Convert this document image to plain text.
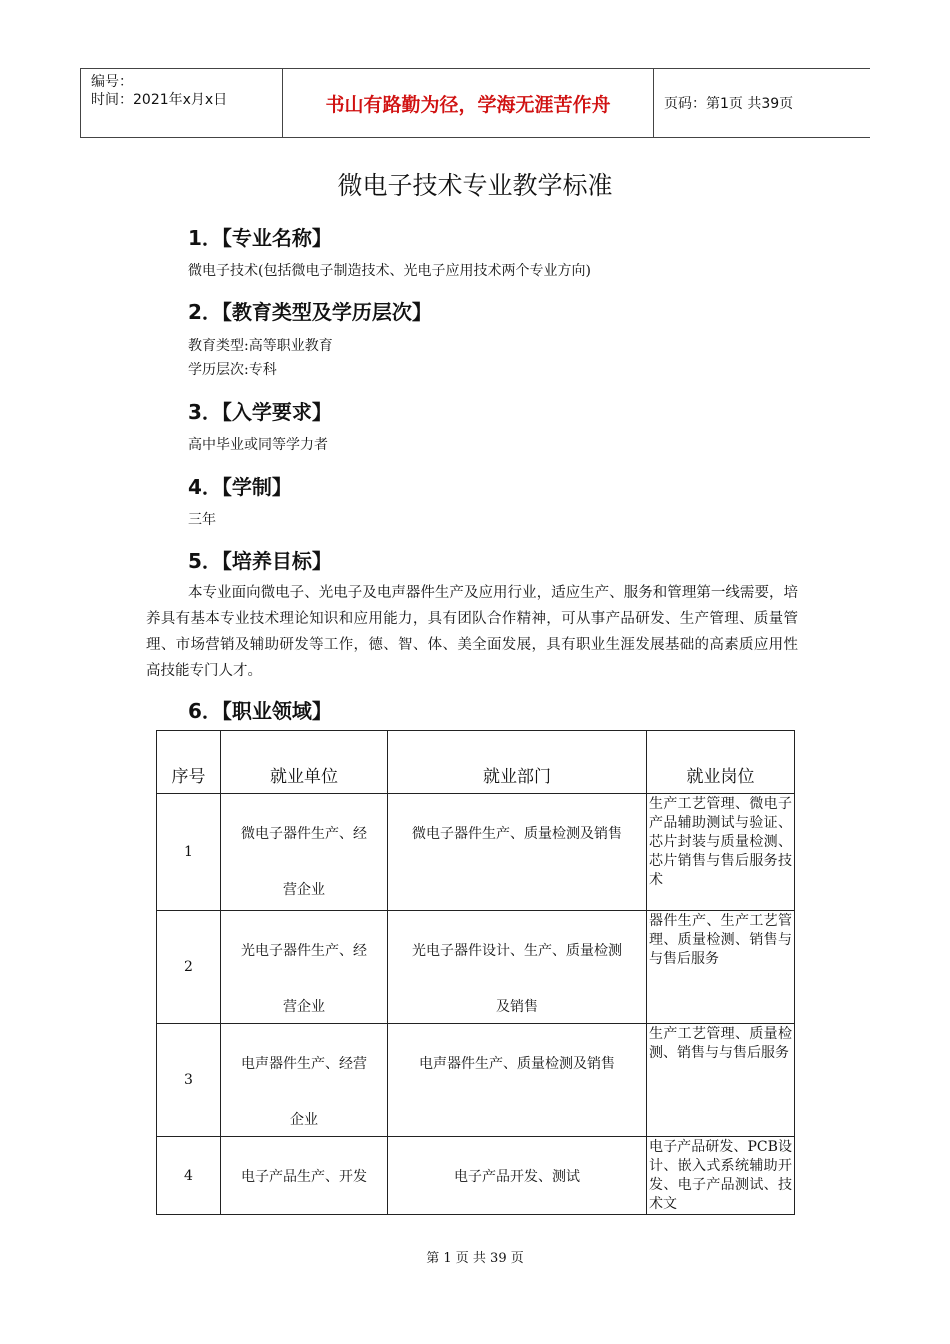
编号：
时间：2021年x月x日	书山有路勤为径，学海无涯苦作舟	页码：第1页 共39页
微电子技术专业教学标准
1．【专业名称】
微电子技术(包括微电子制造技术、光电子应用技术两个专业方向)
2．【教育类型及学历层次】
教育类型:高等职业教育
学历层次:专科
3．【入学要求】
高中毕业或同等学力者
4．【学制】
三年
5．【培养目标】
本专业面向微电子、光电子及电声器件生产及应用行业，适应生产、服务和管理第一线需要，培养具有基本专业技术理论知识和应用能力，具有团队合作精神，可从事产品研发、生产管理、质量管理、市场营销及辅助研发等工作，德、智、体、美全面发展，具有职业生涯发展基础的高素质应用性高技能专门人才。
6．【职业领域】
序号	就业单位	就业部门	就业岗位
1	微电子器件生产、经
营企业	微电子器件生产、质量检测及销售	生产工艺管理、微电子产品辅助测试与验证、芯片封装与质量检测、芯片销售与售后服务技术
2	光电子器件生产、经
营企业	光电子器件设计、生产、质量检测
及销售	器件生产、生产工艺管理、质量检测、销售与与售后服务
3	电声器件生产、经营
企业	电声器件生产、质量检测及销售	生产工艺管理、质量检测、销售与与售后服务
4	电子产品生产、开发	电子产品开发、测试	电子产品研发、PCB设计、嵌入式系统辅助开发、电子产品测试、技术文
第 1 页 共 39 页
